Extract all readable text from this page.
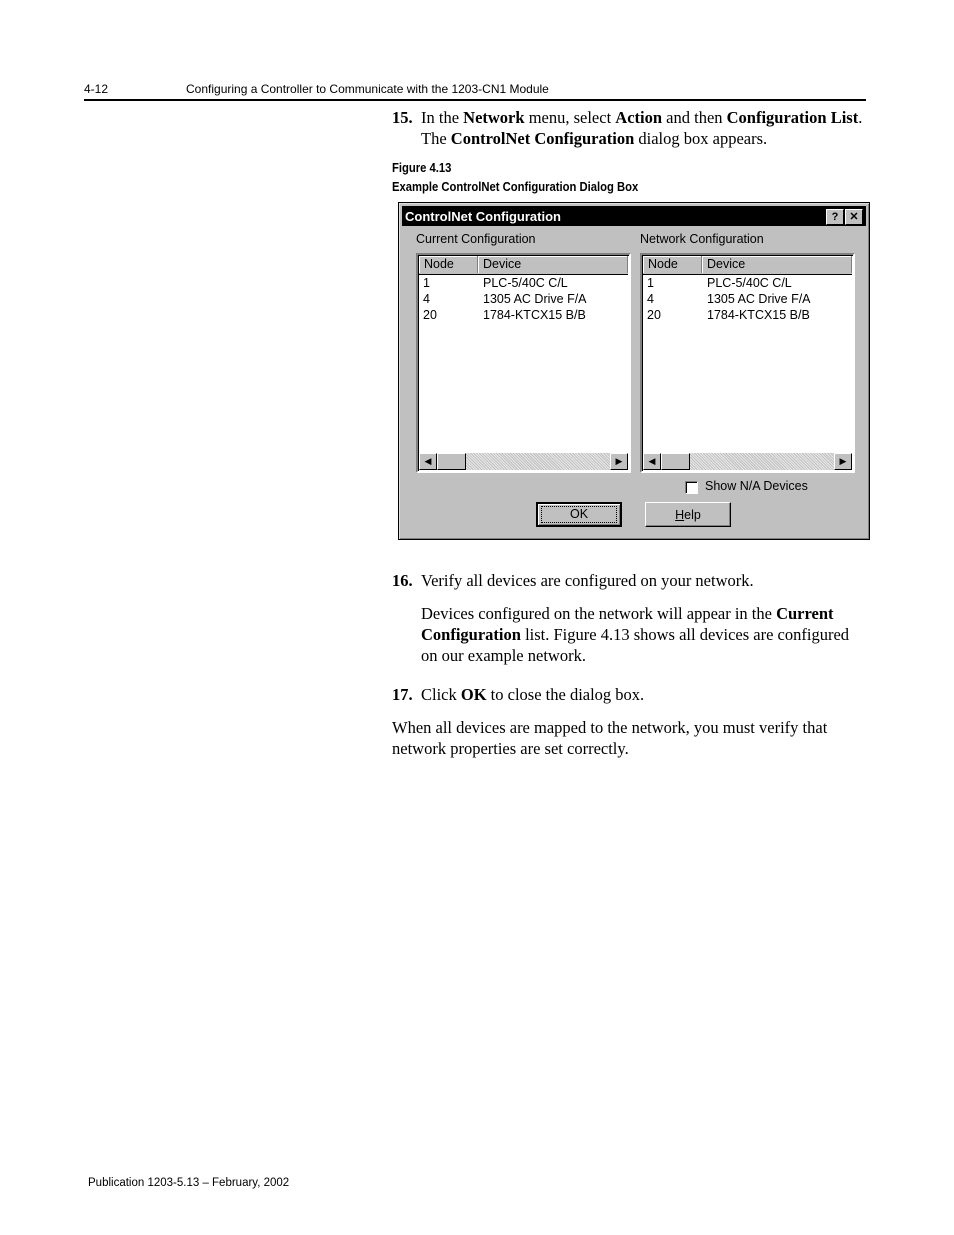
4-12	Configuring a Controller to Communicate with the 1203-CN1 Module
15. In the Network menu, select Action and then Configuration List. The ControlNet Configuration dialog box appears.
Figure 4.13
Example ControlNet Configuration Dialog Box
ControlNet Configuration	?	✕
Current Configuration	Network Configuration
Node	Device
1	PLC-5/40C C/L
4	1305 AC Drive F/A
20	1784-KTCX15 B/B
◀	▶
Node	Device
1	PLC-5/40C C/L
4	1305 AC Drive F/A
20	1784-KTCX15 B/B
◀	▶
Show N/A Devices
OK	Help
16. Verify all devices are configured on your network.
Devices configured on the network will appear in the Current Configuration list. Figure 4.13 shows all devices are configured on our example network.
17. Click OK to close the dialog box.
When all devices are mapped to the network, you must verify that network properties are set correctly.
Publication 1203-5.13 – February, 2002
